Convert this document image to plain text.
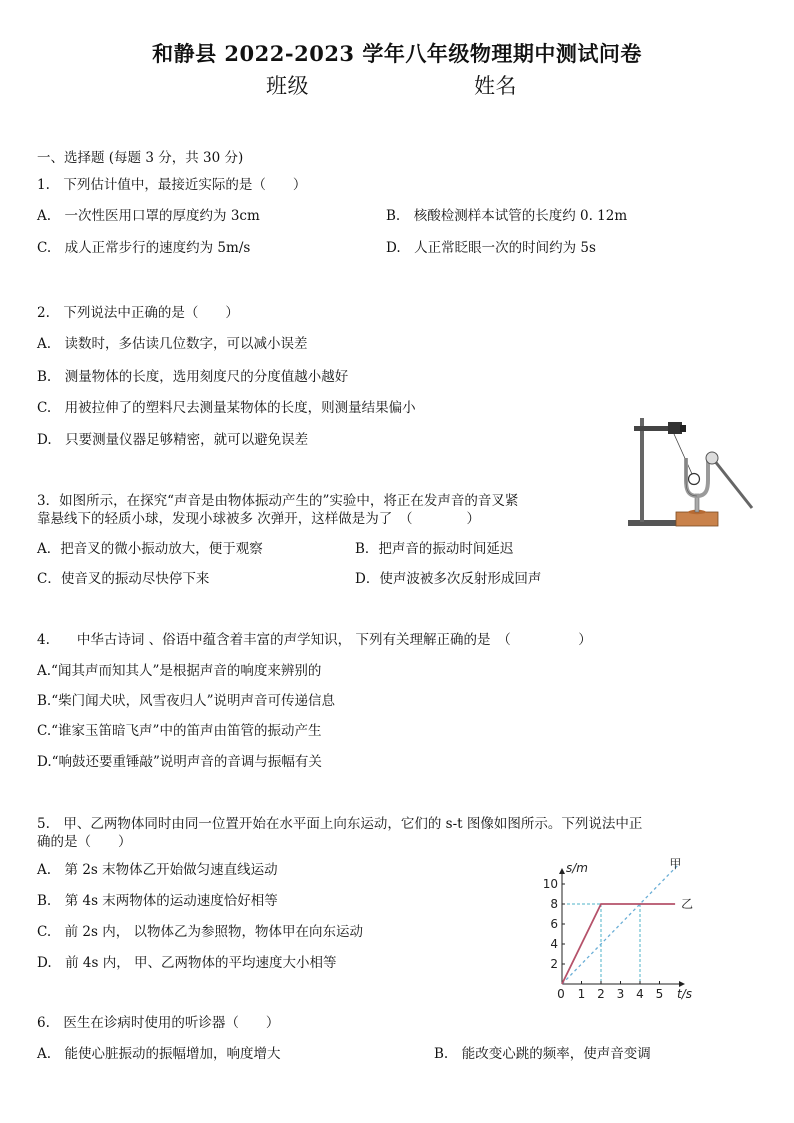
和静县 2022-2023 学年八年级物理期中测试问卷
班级	姓名
一、选择题 (每题 3 分，共 30 分)
1.　下列估计值中，最接近实际的是（　　）
A.　一次性医用口罩的厚度约为 3cm	B.　核酸检测样本试管的长度约 0. 12m
C.　成人正常步行的速度约为 5m/s	D.　人正常眨眼一次的时间约为 5s
2.　下列说法中正确的是（　　）
A.　读数时，多估读几位数字，可以减小误差
B.　测量物体的长度，选用刻度尺的分度值越小越好
C.　用被拉伸了的塑料尺去测量某物体的长度，则测量结果偏小
D.　只要测量仪器足够精密，就可以避免误差
3．如图所示，在探究“声音是由物体振动产生的”实验中，将正在发声音的音叉紧
靠悬线下的轻质小球，发现小球被多 次弹开，这样做是为了　（　　　　）
A．把音叉的微小振动放大，便于观察	B．把声音的振动时间延迟
C．使音叉的振动尽快停下来	D．使声波被多次反射形成回声
4.　　中华古诗词 、俗语中蕴含着丰富的声学知识， 下列有关理解正确的是　（　　　　　）
A.“闻其声而知其人”是根据声音的响度来辨别的
B.“柴门闻犬吠，风雪夜归人”说明声音可传递信息
C.“谁家玉笛暗飞声”中的笛声由笛管的振动产生
D.“响鼓还要重锤敲”说明声音的音调与振幅有关
5.　甲、乙两物体同时由同一位置开始在水平面上向东运动，它们的 s-t 图像如图所示。下列说法中正
确的是（　　）
A.　第 2s 末物体乙开始做匀速直线运动
B.　第 4s 末两物体的运动速度恰好相等
C.　前 2s 内， 以物体乙为参照物，物体甲在向东运动
D.　前 4s 内， 甲、乙两物体的平均速度大小相等
0 1 2 3 4 5
2
4
6
8
10
t/s
s/m	甲
乙
6.　医生在诊病时使用的听诊器（　　）
A.　能使心脏振动的振幅增加，响度增大	B.　能改变心跳的频率，使声音变调
